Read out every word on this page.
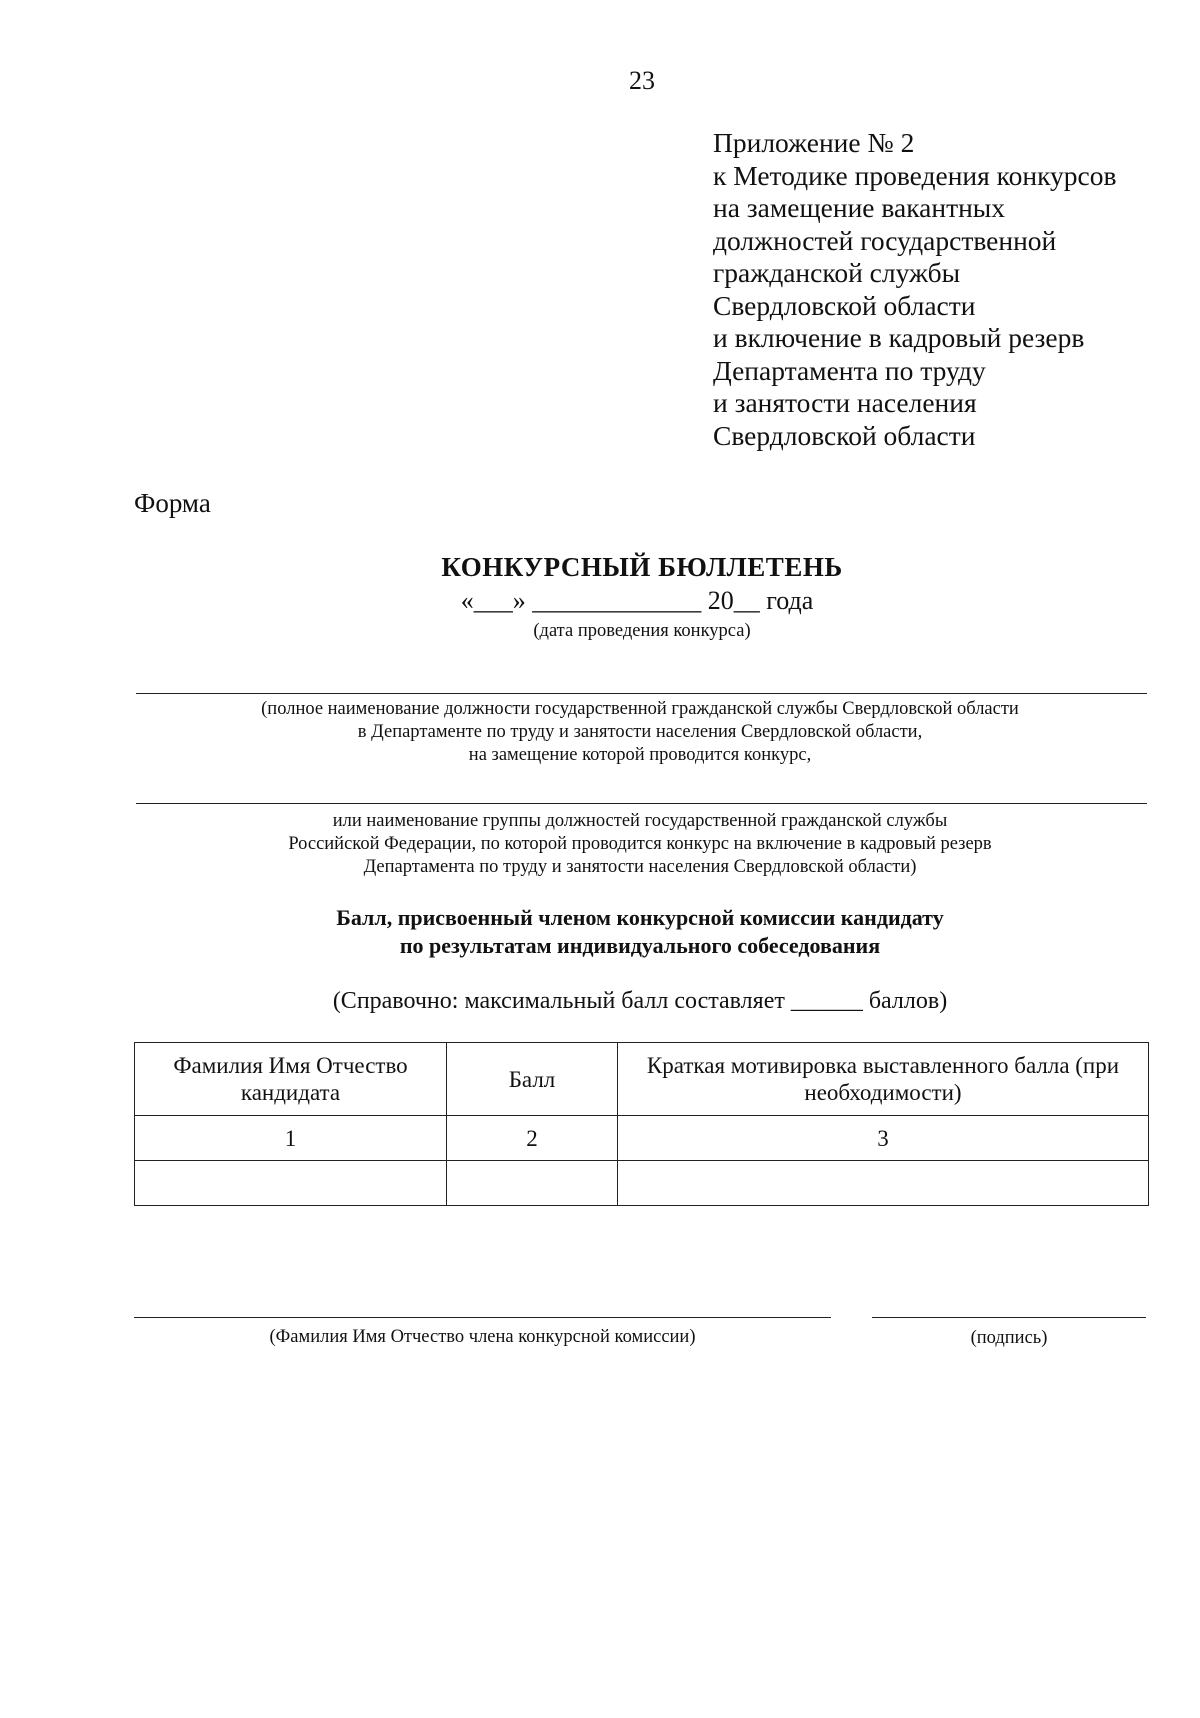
23
Приложение № 2
к Методике проведения конкурсов
на замещение вакантных
должностей государственной
гражданской службы
Свердловской области
и включение в кадровый резерв
Департамента по труду
и занятости населения
Свердловской области
Форма
КОНКУРСНЫЙ БЮЛЛЕТЕНЬ
«___» _____________ 20__ года
(дата проведения конкурса)
(полное наименование должности государственной гражданской службы Свердловской области
в Департаменте по труду и занятости населения Свердловской области,
на замещение которой проводится конкурс,
или наименование группы должностей государственной гражданской службы
Российской Федерации, по которой проводится конкурс на включение в кадровый резерв
Департамента по труду и занятости населения Свердловской области)
Балл, присвоенный членом конкурсной комиссии кандидату
по результатам индивидуального собеседования
(Справочно: максимальный балл составляет ______ баллов)
Фамилия Имя Отчество кандидата	Балл	Краткая мотивировка выставленного балла (при необходимости)
1	2	3

(Фамилия Имя Отчество члена конкурсной комиссии)	(подпись)
